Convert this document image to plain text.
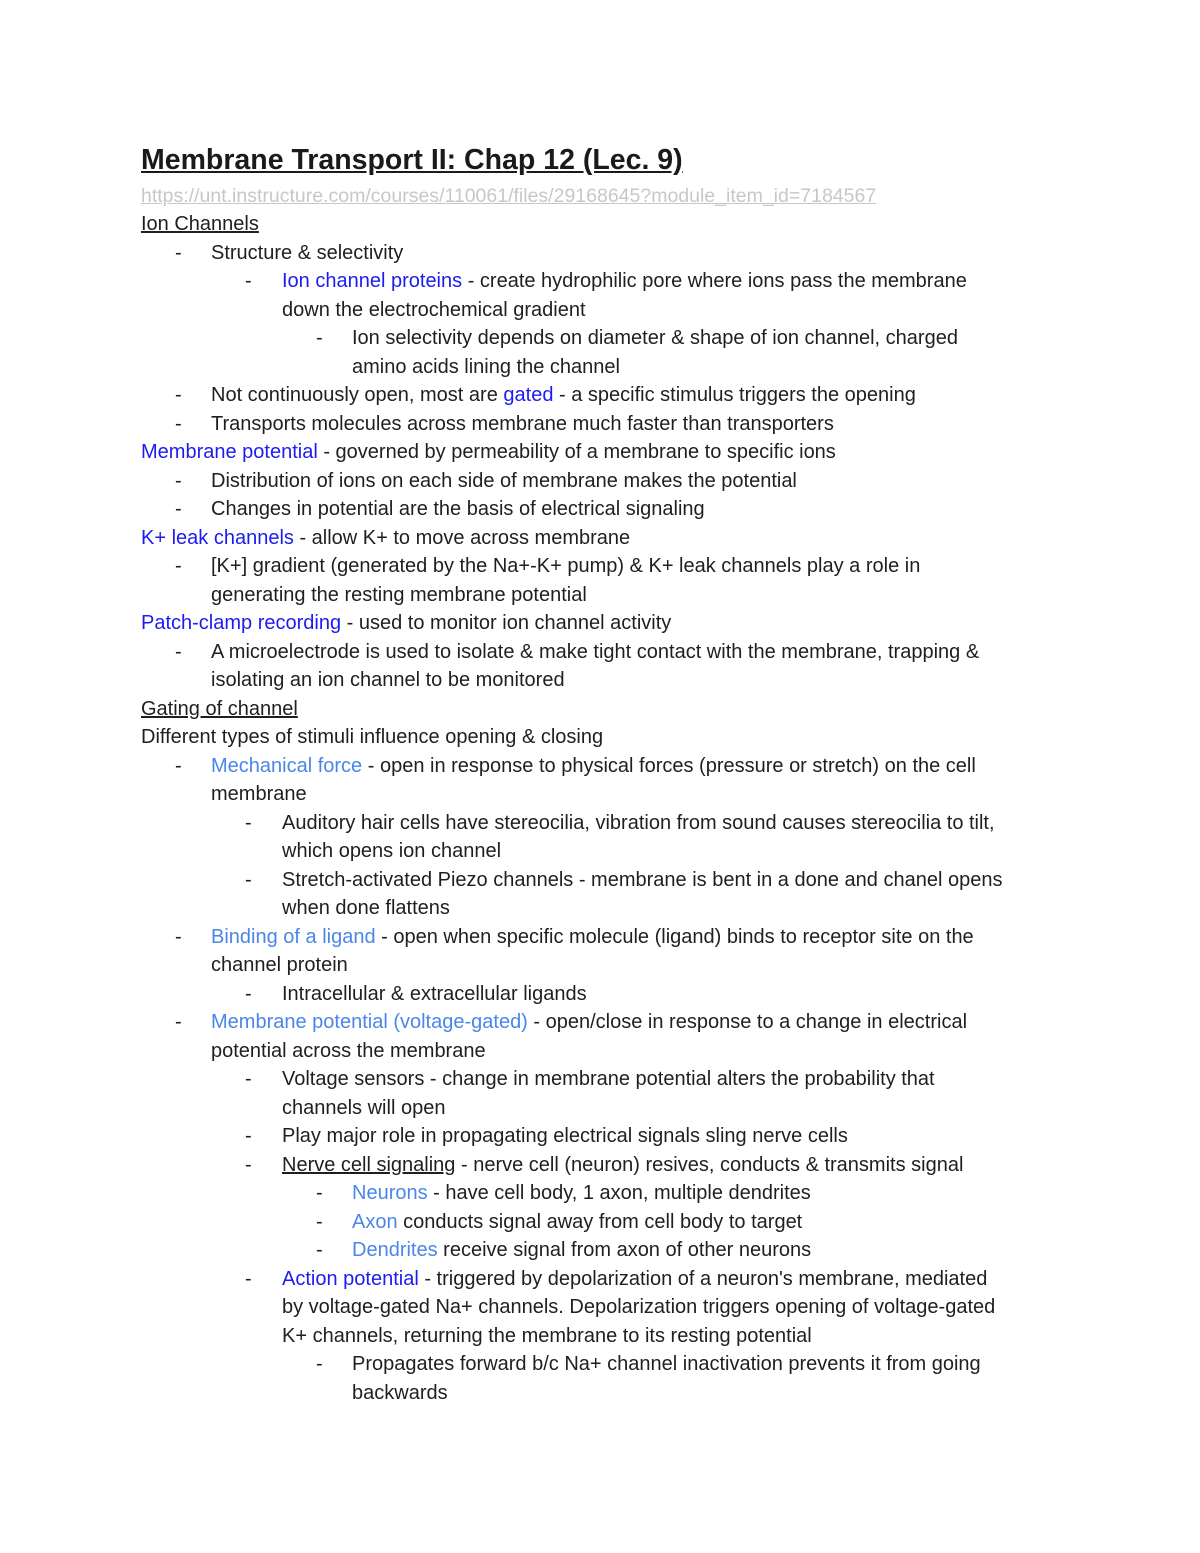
Membrane Transport II: Chap 12 (Lec. 9)
https://unt.instructure.com/courses/110061/files/29168645?module_item_id=7184567
Ion Channels
- Structure & selectivity
- Ion channel proteins - create hydrophilic pore where ions pass the membrane
down the electrochemical gradient
- Ion selectivity depends on diameter & shape of ion channel, charged
amino acids lining the channel
- Not continuously open, most are gated - a specific stimulus triggers the opening
- Transports molecules across membrane much faster than transporters
Membrane potential - governed by permeability of a membrane to specific ions
- Distribution of ions on each side of membrane makes the potential
- Changes in potential are the basis of electrical signaling
K+ leak channels - allow K+ to move across membrane
- [K+] gradient (generated by the Na+-K+ pump) & K+ leak channels play a role in
generating the resting membrane potential
Patch-clamp recording - used to monitor ion channel activity
- A microelectrode is used to isolate & make tight contact with the membrane, trapping &
isolating an ion channel to be monitored
Gating of channel
Different types of stimuli influence opening & closing
- Mechanical force - open in response to physical forces (pressure or stretch) on the cell
membrane
- Auditory hair cells have stereocilia, vibration from sound causes stereocilia to tilt,
which opens ion channel
- Stretch-activated Piezo channels - membrane is bent in a done and chanel opens
when done flattens
- Binding of a ligand - open when specific molecule (ligand) binds to receptor site on the
channel protein
- Intracellular & extracellular ligands
- Membrane potential (voltage-gated) - open/close in response to a change in electrical
potential across the membrane
- Voltage sensors - change in membrane potential alters the probability that
channels will open
- Play major role in propagating electrical signals sling nerve cells
- Nerve cell signaling - nerve cell (neuron) resives, conducts & transmits signal
- Neurons - have cell body, 1 axon, multiple dendrites
- Axon conducts signal away from cell body to target
- Dendrites receive signal from axon of other neurons
- Action potential - triggered by depolarization of a neuron's membrane, mediated
by voltage-gated Na+ channels. Depolarization triggers opening of voltage-gated
K+ channels, returning the membrane to its resting potential
- Propagates forward b/c Na+ channel inactivation prevents it from going
backwards
